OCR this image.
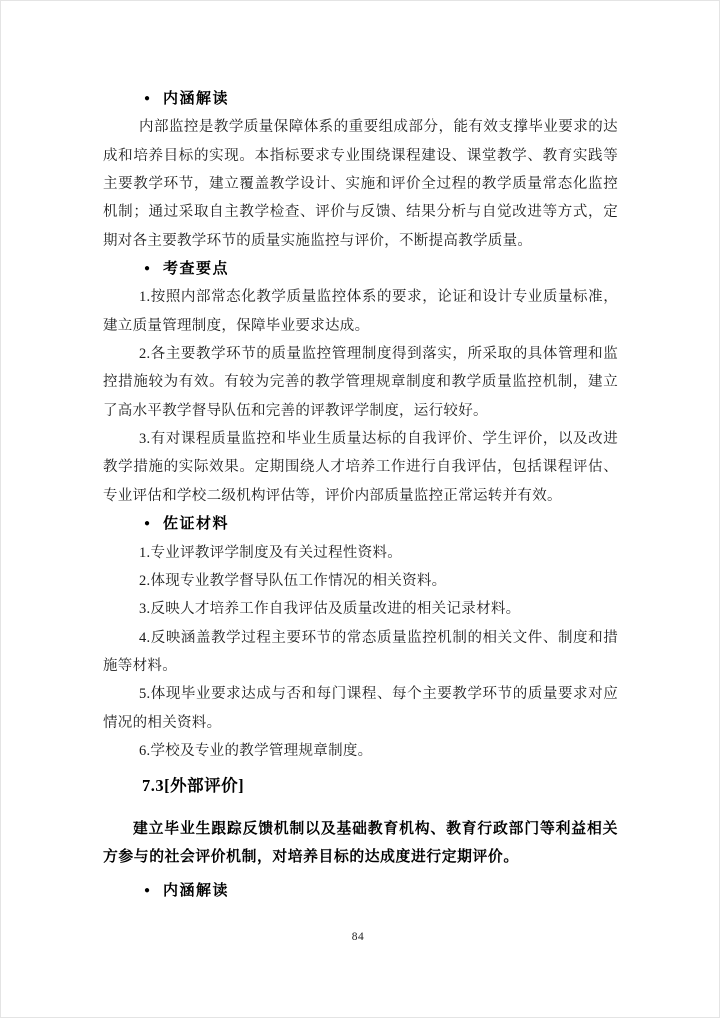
● 内涵解读

内部监控是教学质量保障体系的重要组成部分，能有效支撑毕业要求的达成和培养目标的实现。本指标要求专业围绕课程建设、课堂教学、教育实践等主要教学环节，建立覆盖教学设计、实施和评价全过程的教学质量常态化监控机制；通过采取自主教学检查、评价与反馈、结果分析与自觉改进等方式，定期对各主要教学环节的质量实施监控与评价，不断提高教学质量。

● 考查要点

1.按照内部常态化教学质量监控体系的要求，论证和设计专业质量标准，建立质量管理制度，保障毕业要求达成。

2.各主要教学环节的质量监控管理制度得到落实，所采取的具体管理和监控措施较为有效。有较为完善的教学管理规章制度和教学质量监控机制，建立了高水平教学督导队伍和完善的评教评学制度，运行较好。

3.有对课程质量监控和毕业生质量达标的自我评价、学生评价，以及改进教学措施的实际效果。定期围绕人才培养工作进行自我评估，包括课程评估、专业评估和学校二级机构评估等，评价内部质量监控正常运转并有效。

● 佐证材料

1.专业评教评学制度及有关过程性资料。

2.体现专业教学督导队伍工作情况的相关资料。

3.反映人才培养工作自我评估及质量改进的相关记录材料。

4.反映涵盖教学过程主要环节的常态质量监控机制的相关文件、制度和措施等材料。

5.体现毕业要求达成与否和每门课程、每个主要教学环节的质量要求对应情况的相关资料。

6.学校及专业的教学管理规章制度。

7.3[外部评价]

建立毕业生跟踪反馈机制以及基础教育机构、教育行政部门等利益相关方参与的社会评价机制，对培养目标的达成度进行定期评价。

● 内涵解读
84
